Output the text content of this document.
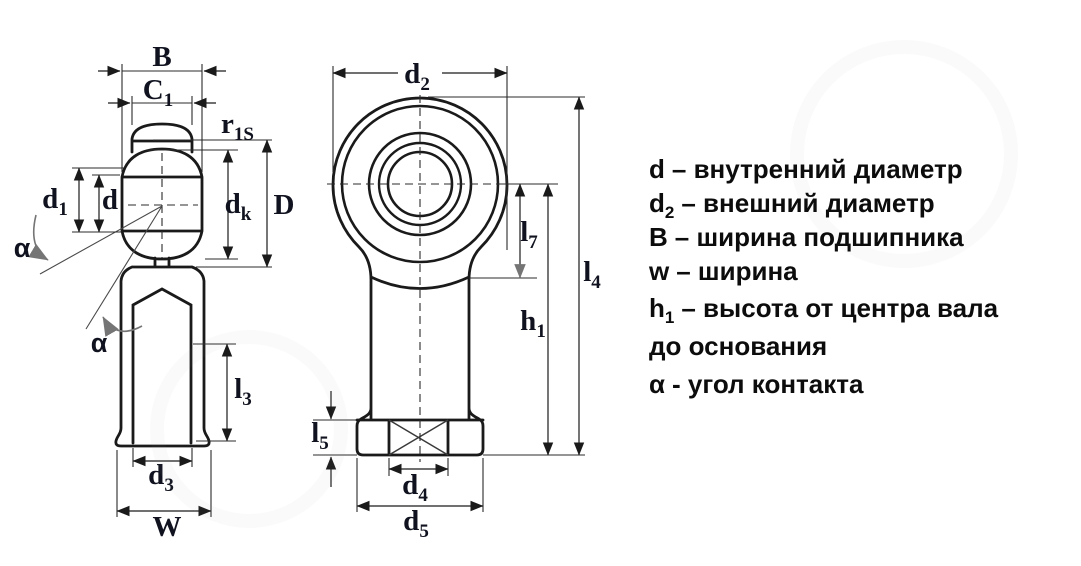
B
$C_1$
$r_{1S}$
$d_1$ d	$d_k$ D
α
α
$l_3$
$d_3$
W
$d_2$
$l_7$
$h_1$
$l_4$
$l_5$
$d_4$
$d_5$
d – внутренний диаметр
$d_2$ – внешний диаметр
B – ширина подшипника
w – ширина
$h_1$ – высота от центра вала
до основания
α - угол контакта
